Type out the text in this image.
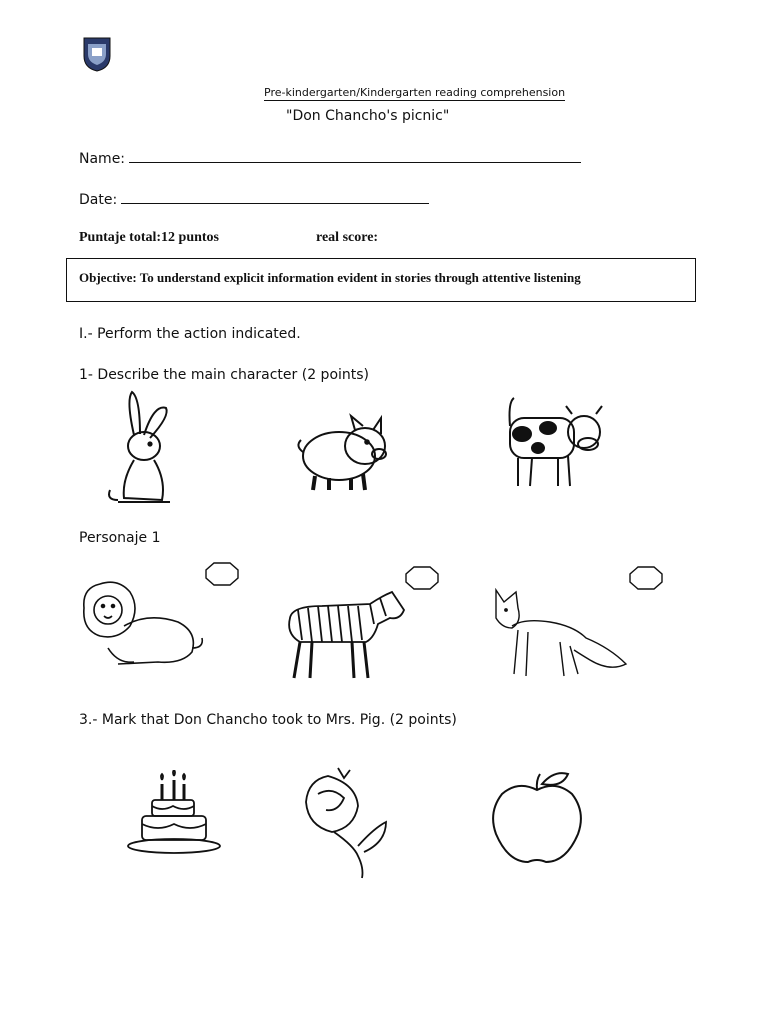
Pre-kindergarten/Kindergarten reading comprehension
"Don Chancho's picnic"
Name:
Date:
Puntaje total:12 puntos	real score:
Objective: To understand explicit information evident in stories through attentive listening
I.- Perform the action indicated.
1- Describe the main character (2 points)
Personaje 1
3.- Mark that Don Chancho took to Mrs. Pig. (2 points)
